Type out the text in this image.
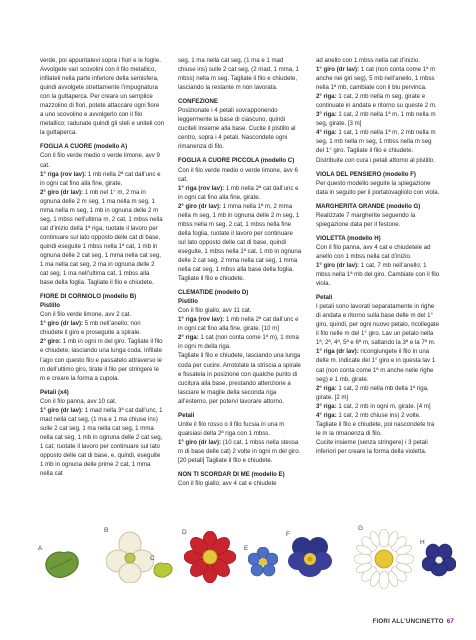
verde, poi appuntatevi sopra i fiori e le foglie. Avvolgete vari scovolini con il filo metallico, infilateli nella parte inferiore della semisfera, quindi avvolgete strettamente l’impugnatura con la guttaperca. Per creare un semplice mazzolino di fiori, potete attaccare ogni fiore a uno scovolino e avvolgerlo con il filo metallico; radunate quindi gli steli e uniteli con la guttaperca.

FOGLIA A CUORE (modello A)

Con il filo verde medio o verde limone, avv 9 cat.

1° riga (rov lav): 1 mb nella 2ª cat dall’unc e in ogni cat fino alla fine, girate.

2° giro (dr lav): 1 mb nel 1° m, 2 ma in ognuna delle 2 m seg, 1 ma nella m seg, 1 mma nella m seg, 1 mb in ognuna delle 2 m seg, 1 mbss nell’ultima m, 2 cat, 1 mbss nella cat d’inizio della 1ª riga, ruotate il lavoro per continuare sul lato opposto delle cat di base, quindi eseguite 1 mbss nella 1ª cat, 1 mb in ognuna delle 2 cat seg, 1 mma nella cat seg, 1 ma nella cat seg, 2 ma in ognuna delle 2 cat seg, 1 ma nell’ultima cat, 1 mbss alla base della foglia. Tagliate il filo e chiudete.

FIORE DI CORNIOLO (modello B)

Pistillo

Con il filo verde limone, avv 2 cat.

1° giro (dr lav): 5 mb nell’anello; non chiudete il giro e proseguite a spirale.

2° giro: 1 mb in ogni m del giro. Tagliate il filo e chiudete, lasciando una lunga coda. Infilate l’ago con questo filo e passatelo attraverso le m dell’ultimo giro, tirate il filo per stringere le m e creare la forma a cupola.

Petali (x4)

Con il filo panna, avv 10 cat.

1° giro (dr lav): 1 mad nella 3ª cat dall’unc, 1 mad nella cat seg, (1 ma e 1 ma chiuse ins) sulle 2 cat seg, 1 ma nella cat seg, 1 mma nella cat seg, 1 mb in ognuna delle 2 cat seg, 1 cat; ruotate il lavoro per continuare sul lato opposto delle cat di base, e, quindi, eseguite 1 mb in ognuna delle prime 2 cat, 1 mma nella cat

seg, 1 ma nella cat seg, (1 ma e 1 mad chiuse ins) sulle 2 cat seg, (2 mad, 1 mma, 1 mbss) nella m seg. Tagliate il filo e chiudete, lasciando la restante m non lavorata.

CONFEZIONE

Posizionate i 4 petali sovrapponendo leggermente la base di ciascuno, quindi cuciteli insieme alla base. Cucite il pistillo al centro, sopra i 4 petali. Nascondete ogni rimanenza di filo.

FOGLIA A CUORE PICCOLA (modello C)

Con il filo verde medio o verde limone, avv 6 cat.

1° riga (rov lav): 1 mb nella 2ª cat dall’unc e in ogni cat fino alla fine, girate.

2° giro (dr lav): 1 mma nella 1ª m, 2 mma nella m seg, 1 mb in ognuna delle 2 m seg, 1 mbss nella m seg, 2 cat, 1 mbss nella fine della foglia, ruotate il lavoro per continuare sul lato opposto delle cat di base, quindi eseguite, 1 mbss nella 1ª cat, 1 mb in ognuna delle 2 cat seg, 2 mma nella cat seg, 1 mma nella cat seg, 1 mbss alla base della foglia. Tagliate il filo e chiudete.

CLEMATIDE (modello D)

Pistillo

Con il filo giallo, avv 11 cat.

1° riga (rov lav): 1 mb nella 2ª cat dall’unc e in ogni cat fino alla fine, girate. [10 m]

2° riga: 1 cat (non conta come 1ª m), 1 mma in ogni m della riga.

Tagliate il filo e chiudete, lasciando una lunga coda per cucire. Arrotolate la striscia a spirale e fissatela in posizione con qualche punto di cucitura alla base, prestando attenzione a lasciare le maglie della seconda riga all’esterno, per potervi lavorare attorno.

Petali

Unite il filo rosso o il filo fucsia in una m qualsiasi della 2ª riga con 1 mbss.

1° giro (dr lav): (10 cat, 1 mbss nella stessa m di base delle cat) 2 volte in ogni m del giro. [20 petali] Tagliate il filo e chiudete.

NON TI SCORDAR DI ME (modello E)

Con il filo giallo, avv 4 cat e chiudete

ad anello con 1 mbss nella cat d’inizio.

1° giro (dr lav): 1 cat (non conta come 1ª m anche nei giri seg), 5 mb nell’anello, 1 mbss nella 1ª mb, cambiate con il blu pervinca.

2° riga: 1 cat, 2 mb nella m seg, girate e continuate in andata e ritorno su queste 2 m.

3° riga: 1 cat, 2 mb nella 1ª m, 1 mb nella m seg, girate. [3 m]

4° riga: 1 cat, 1 mb nella 1ª m, 2 mb nella m seg, 1 mb nella m seg, 1 mbss nella m seg del 1° giro. Tagliate il filo e chiudete. Distribuite con cura i petali attorno al pistillo.

VIOLA DEL PENSIERO (modello F)

Per questo modello seguite la spiegazione data in seguito per il portatovagliolo con viola.

MARGHERITA GRANDE (modello G)

Realizzate 7 margherite seguendo la spiegazione data per il festone.

VIOLETTA (modello H)

Con il filo panna, avv 4 cat e chiudetele ad anello con 1 mbss nella cat d’inizio.

1° giro (dr lav): 1 cat, 7 mb nell’anello; 1 mbss nella 1ª mb del giro. Cambiate con il filo viola.

Petali

I petali sono lavorati separatamente in righe di andata e ritorno sulla base delle m del 1° giro, quindi, per ogni nuovo petalo, ricollegate il filo nelle m del 1° giro. Lav un petalo nella 1ª, 2ª, 4ª, 5ª e 6ª m, saltando la 3ª e la 7ª m.

1° riga (dr lav): ricongiungete il filo in una delle m. indicate del 1° giro e in questa lav 1 cat (non conta come 1ª m anche nelle righe seg) e 1 mb, girate.

2° riga: 1 cat, 2 mb nella mb della 1ª riga, girate. [2 m]

3° riga: 1 cat, 2 mb in ogni m, girate. [4 m]

4° riga: 1 cat, 2 mb chiuse ins) 2 volte. Tagliate il filo e chiudete, poi nascondete tra le m la rimanenza di filo.

Cucite insieme (senza stringere) i 3 petali inferiori per creare la forma della violetta.

A
B
C
D
E
F
G
H
FIORI ALL’UNCINETTO 67
